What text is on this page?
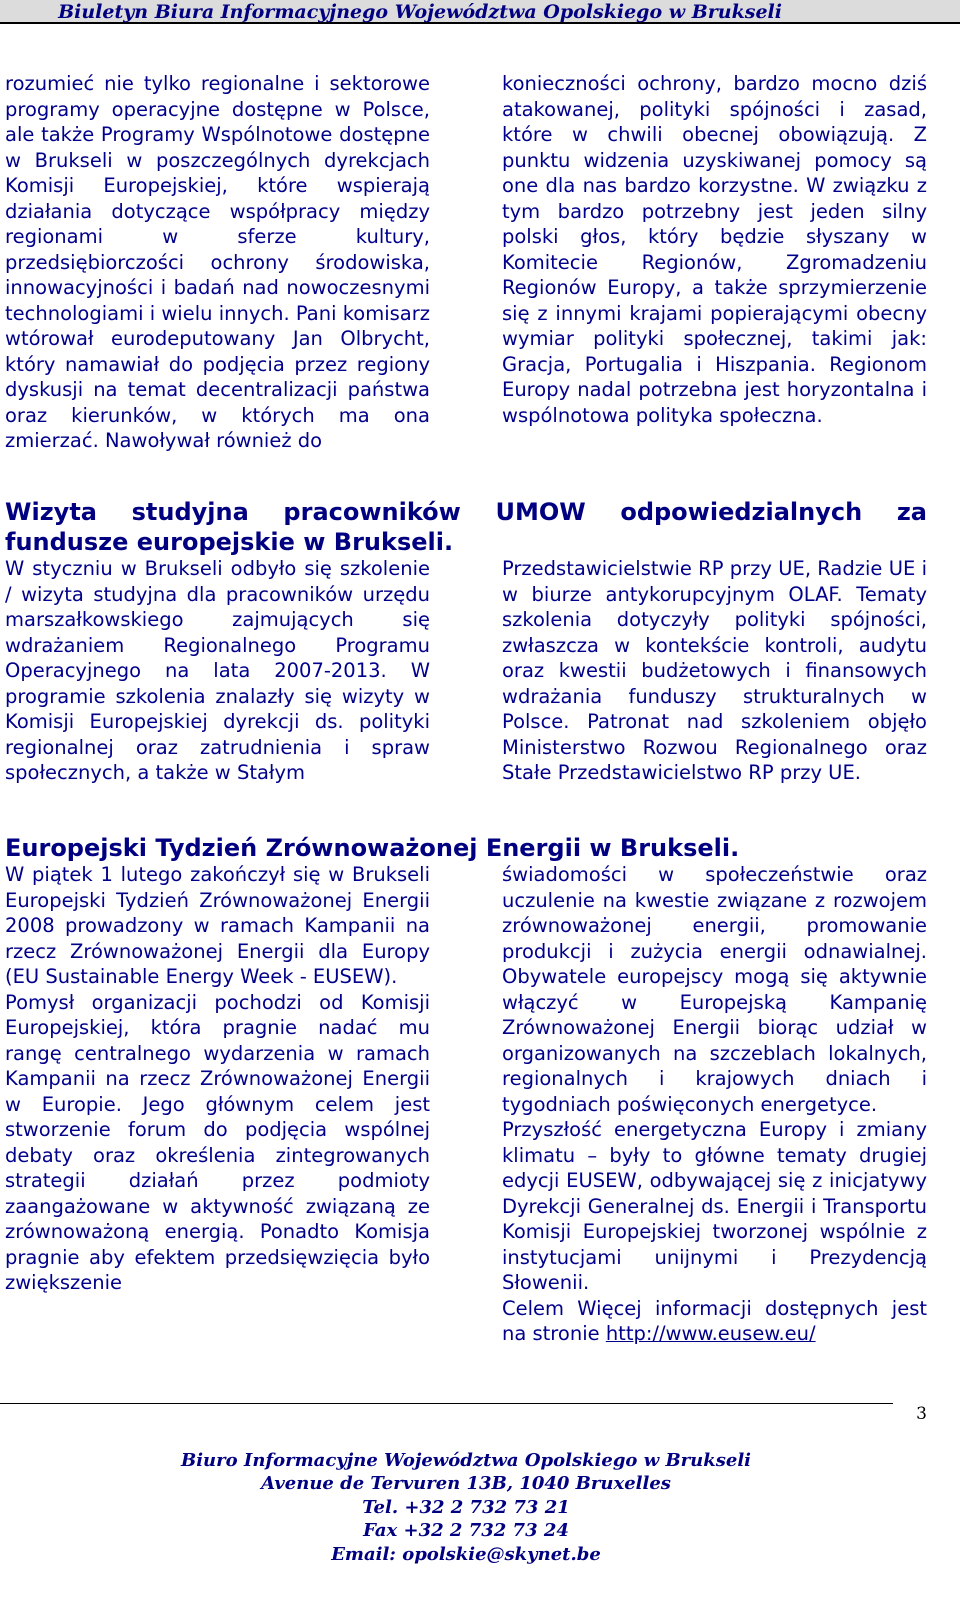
Biuletyn Biura Informacyjnego Województwa Opolskiego w Brukseli

rozumieć nie tylko regionalne i sektorowe programy operacyjne dostępne w Polsce, ale także Programy Wspólnotowe dostępne w Brukseli w poszczególnych dyrekcjach Komisji Europejskiej, które wspierają działania dotyczące współpracy między regionami w sferze kultury, przedsiębiorczości ochrony środowiska, innowacyjności i badań nad nowoczesnymi technologiami i wielu innych. Pani komisarz wtórował eurodeputowany Jan Olbrycht, który namawiał do podjęcia przez regiony dyskusji na temat decentralizacji państwa oraz kierunków, w których ma ona zmierzać. Nawoływał również do

konieczności ochrony, bardzo mocno dziś atakowanej, polityki spójności i zasad, które w chwili obecnej obowiązują. Z punktu widzenia uzyskiwanej pomocy są one dla nas bardzo korzystne. W związku z tym bardzo potrzebny jest jeden silny polski głos, który będzie słyszany w Komitecie Regionów, Zgromadzeniu Regionów Europy, a także sprzymierzenie się z innymi krajami popierającymi obecny wymiar polityki społecznej, takimi jak: Gracja, Portugalia i Hiszpania. Regionom Europy nadal potrzebna jest horyzontalna i wspólnotowa polityka społeczna.

Wizyta studyjna pracowników UMOW odpowiedzialnych za fundusze europejskie w Brukseli.

W styczniu w Brukseli odbyło się szkolenie / wizyta studyjna dla pracowników urzędu marszałkowskiego zajmujących się wdrażaniem Regionalnego Programu Operacyjnego na lata 2007-2013. W programie szkolenia znalazły się wizyty w Komisji Europejskiej dyrekcji ds. polityki regionalnej oraz zatrudnienia i spraw społecznych, a także w Stałym

Przedstawicielstwie RP przy UE, Radzie UE i w biurze antykorupcyjnym OLAF. Tematy szkolenia dotyczyły polityki spójności, zwłaszcza w kontekście kontroli, audytu oraz kwestii budżetowych i finansowych wdrażania funduszy strukturalnych w Polsce. Patronat nad szkoleniem objęło Ministerstwo Rozwou Regionalnego oraz Stałe Przedstawicielstwo RP przy UE.

Europejski Tydzień Zrównoważonej Energii w Brukseli.

W piątek 1 lutego zakończył się w Brukseli Europejski Tydzień Zrównoważonej Energii 2008 prowadzony w ramach Kampanii na rzecz Zrównoważonej Energii dla Europy (EU Sustainable Energy Week - EUSEW).

Pomysł organizacji pochodzi od Komisji Europejskiej, która pragnie nadać mu rangę centralnego wydarzenia w ramach Kampanii na rzecz Zrównoważonej Energii w Europie. Jego głównym celem jest stworzenie forum do podjęcia wspólnej debaty oraz określenia zintegrowanych strategii działań przez podmioty zaangażowane w aktywność związaną ze zrównoważoną energią. Ponadto Komisja pragnie aby efektem przedsięwzięcia było zwiększenie

świadomości w społeczeństwie oraz uczulenie na kwestie związane z rozwojem zrównoważonej energii, promowanie produkcji i zużycia energii odnawialnej. Obywatele europejscy mogą się aktywnie włączyć w Europejską Kampanię Zrównoważonej Energii biorąc udział w organizowanych na szczeblach lokalnych, regionalnych i krajowych dniach i tygodniach poświęconych energetyce.

Przyszłość energetyczna Europy i zmiany klimatu – były to główne tematy drugiej edycji EUSEW, odbywającej się z inicjatywy Dyrekcji Generalnej ds. Energii i Transportu Komisji Europejskiej tworzonej wspólnie z instytucjami unijnymi i Prezydencją Słowenii.

Celem Więcej informacji dostępnych jest na stronie http://www.eusew.eu/

3
Biuro Informacyjne Województwa Opolskiego w Brukseli
Avenue de Tervuren 13B, 1040 Bruxelles
Tel. +32 2 732 73 21
Fax +32 2 732 73 24
Email: opolskie@skynet.be
